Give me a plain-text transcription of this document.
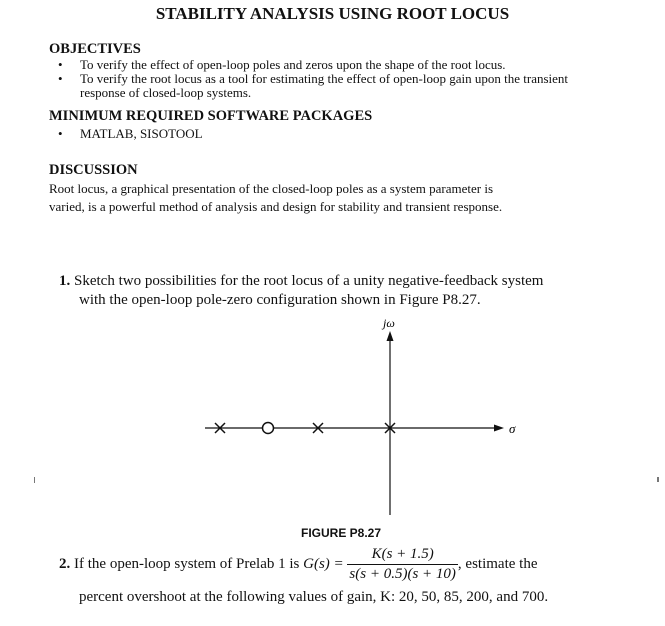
STABILITY ANALYSIS USING ROOT LOCUS
OBJECTIVES
•	To verify the effect of open-loop poles and zeros upon the shape of the root locus.
•	To verify the root locus as a tool for estimating the effect of open-loop gain upon the transient
response of closed-loop systems.
MINIMUM REQUIRED SOFTWARE PACKAGES
•	MATLAB, SISOTOOL
DISCUSSION
Root locus, a graphical presentation of the closed-loop poles as a system parameter is
varied, is a powerful method of analysis and design for stability and transient response.
1. Sketch two possibilities for the root locus of a unity negative-feedback system
with the open-loop pole-zero configuration shown in Figure P8.27.
jω
σ
FIGURE P8.27
2. If the open-loop system of Prelab 1 is $G(s) = \frac{K(s + 1.5)}{s(s + 0.5)(s + 10)}$ , estimate the
percent overshoot at the following values of gain, K: 20, 50, 85, 200, and 700.
